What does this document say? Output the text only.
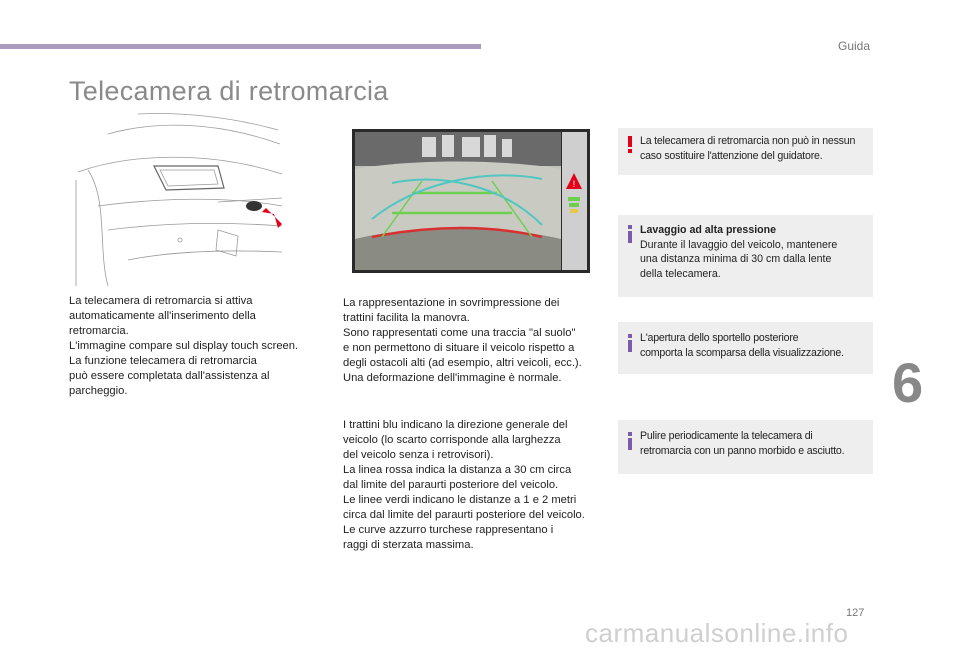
Guida
Telecamera di retromarcia
!
La telecamera di retromarcia si attiva
automaticamente all'inserimento della
retromarcia.
L'immagine compare sul display touch screen.
La funzione telecamera di retromarcia
può essere completata dall'assistenza al
parcheggio.
La rappresentazione in sovrimpressione dei
trattini facilita la manovra.
Sono rappresentati come una traccia "al suolo"
e non permettono di situare il veicolo rispetto a
degli ostacoli alti (ad esempio, altri veicoli, ecc.).
Una deformazione dell'immagine è normale.
I trattini blu indicano la direzione generale del
veicolo (lo scarto corrisponde alla larghezza
del veicolo senza i retrovisori).
La linea rossa indica la distanza a 30 cm circa
dal limite del paraurti posteriore del veicolo.
Le linee verdi indicano le distanze a 1 e 2 metri
circa dal limite del paraurti posteriore del veicolo.
Le curve azzurro turchese rappresentano i
raggi di sterzata massima.
La telecamera di retromarcia non può in nessun
caso sostituire l'attenzione del guidatore.
Lavaggio ad alta pressione
Durante il lavaggio del veicolo, mantenere
una distanza minima di 30 cm dalla lente
della telecamera.
L'apertura dello sportello posteriore
comporta la scomparsa della visualizzazione.
Pulire periodicamente la telecamera di
retromarcia con un panno morbido e asciutto.
6
127
carmanualsonline.info
